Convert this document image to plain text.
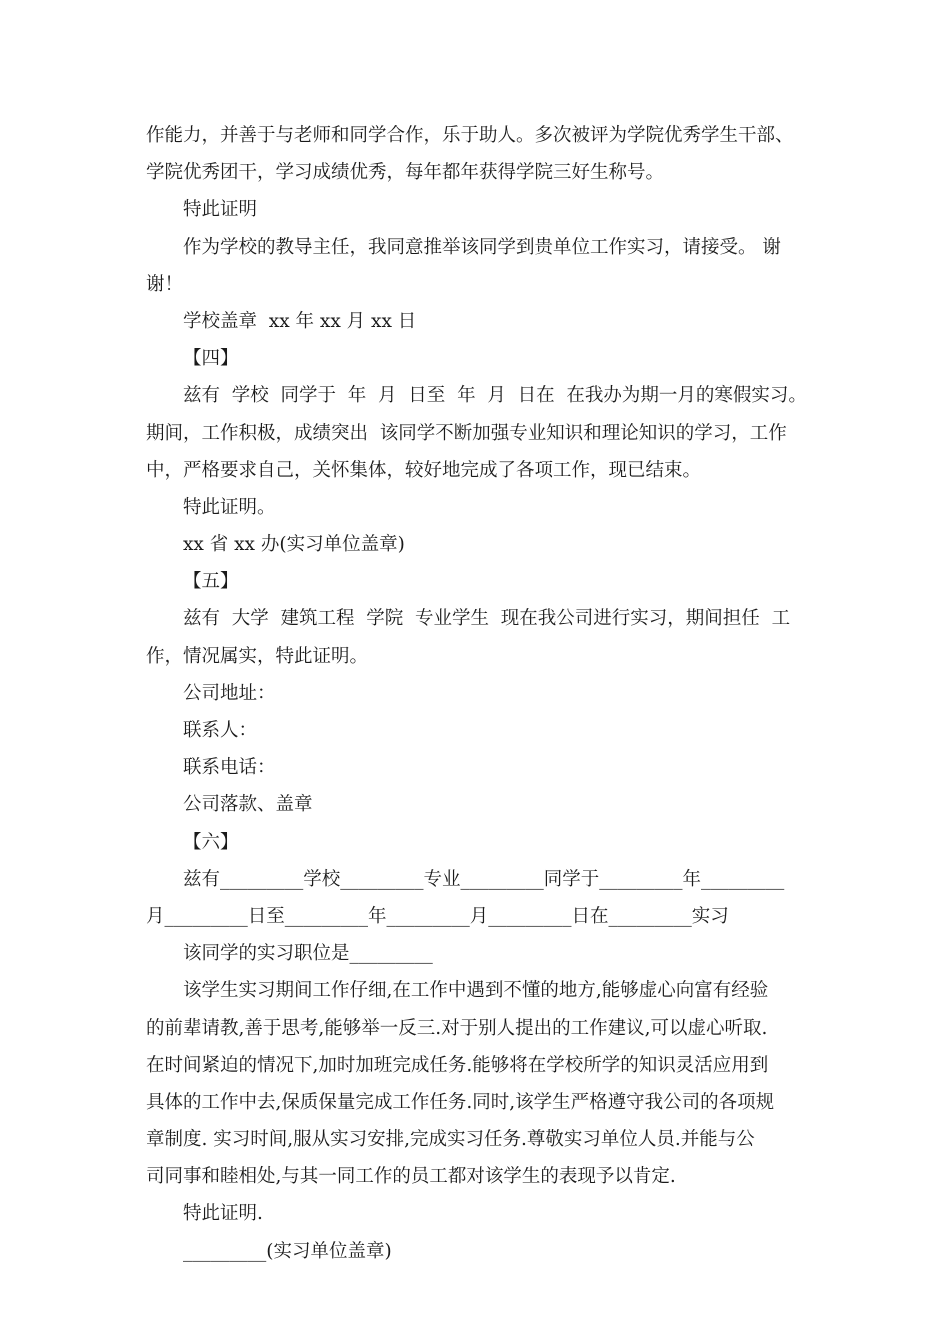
作能力，并善于与老师和同学合作，乐于助人。多次被评为学院优秀学生干部、
学院优秀团干，学习成绩优秀，每年都年获得学院三好生称号。
特此证明
作为学校的教导主任，我同意推举该同学到贵单位工作实习，请接受。 谢
谢！
学校盖章  xx 年 xx 月 xx 日
【四】
兹有  学校  同学于  年  月  日至  年  月  日在  在我办为期一月的寒假实习。
期间，工作积极，成绩突出  该同学不断加强专业知识和理论知识的学习，工作
中，严格要求自己，关怀集体，较好地完成了各项工作，现已结束。
特此证明。
xx 省 xx 办(实习单位盖章)
【五】
兹有  大学  建筑工程  学院  专业学生  现在我公司进行实习，期间担任  工
作，情况属实，特此证明。
公司地址：
联系人：
联系电话：
公司落款、盖章
【六】
兹有_________学校_________专业_________同学于_________年_________
月_________日至_________年_________月_________日在_________实习
该同学的实习职位是_________
该学生实习期间工作仔细,在工作中遇到不懂的地方,能够虚心向富有经验
的前辈请教,善于思考,能够举一反三.对于别人提出的工作建议,可以虚心听取.
在时间紧迫的情况下,加时加班完成任务.能够将在学校所学的知识灵活应用到
具体的工作中去,保质保量完成工作任务.同时,该学生严格遵守我公司的各项规
章制度. 实习时间,服从实习安排,完成实习任务.尊敬实习单位人员.并能与公
司同事和睦相处,与其一同工作的员工都对该学生的表现予以肯定.
特此证明.
_________(实习单位盖章)
